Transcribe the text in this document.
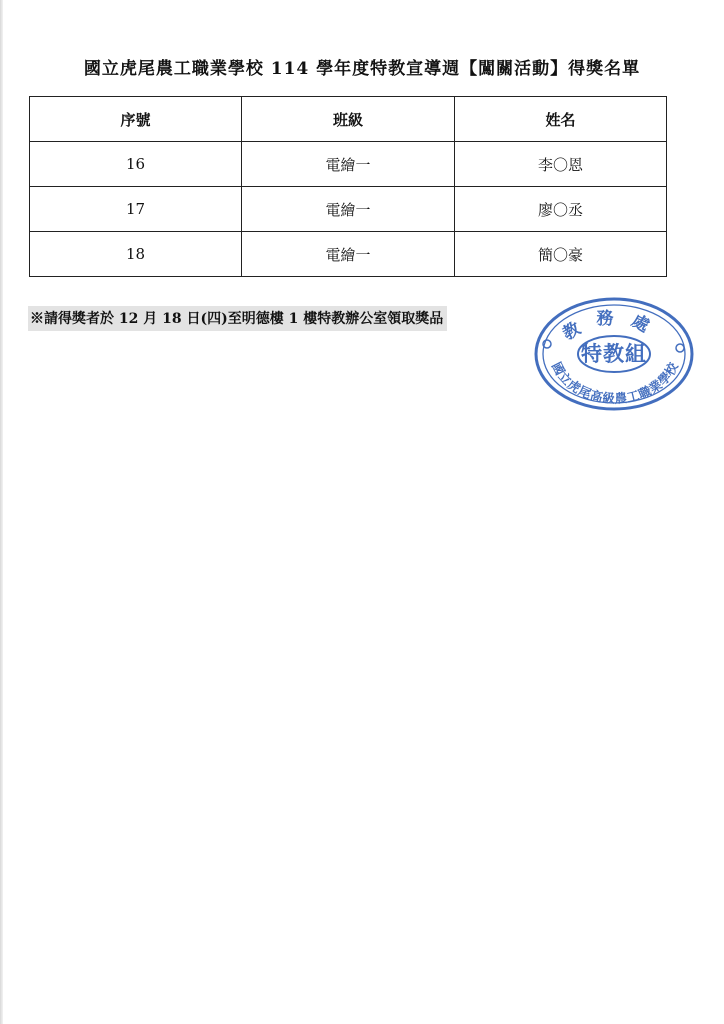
國立虎尾農工職業學校 114 學年度特教宣導週【闖關活動】得獎名單
序號	班級	姓名
16	電繪一	李〇恩
17	電繪一	廖〇丞
18	電繪一	簡〇豪
※請得獎者於 12 月 18 日(四)至明德樓 1 樓特教辦公室領取獎品	教務處
特教組
國立虎尾高級農工職業學校
